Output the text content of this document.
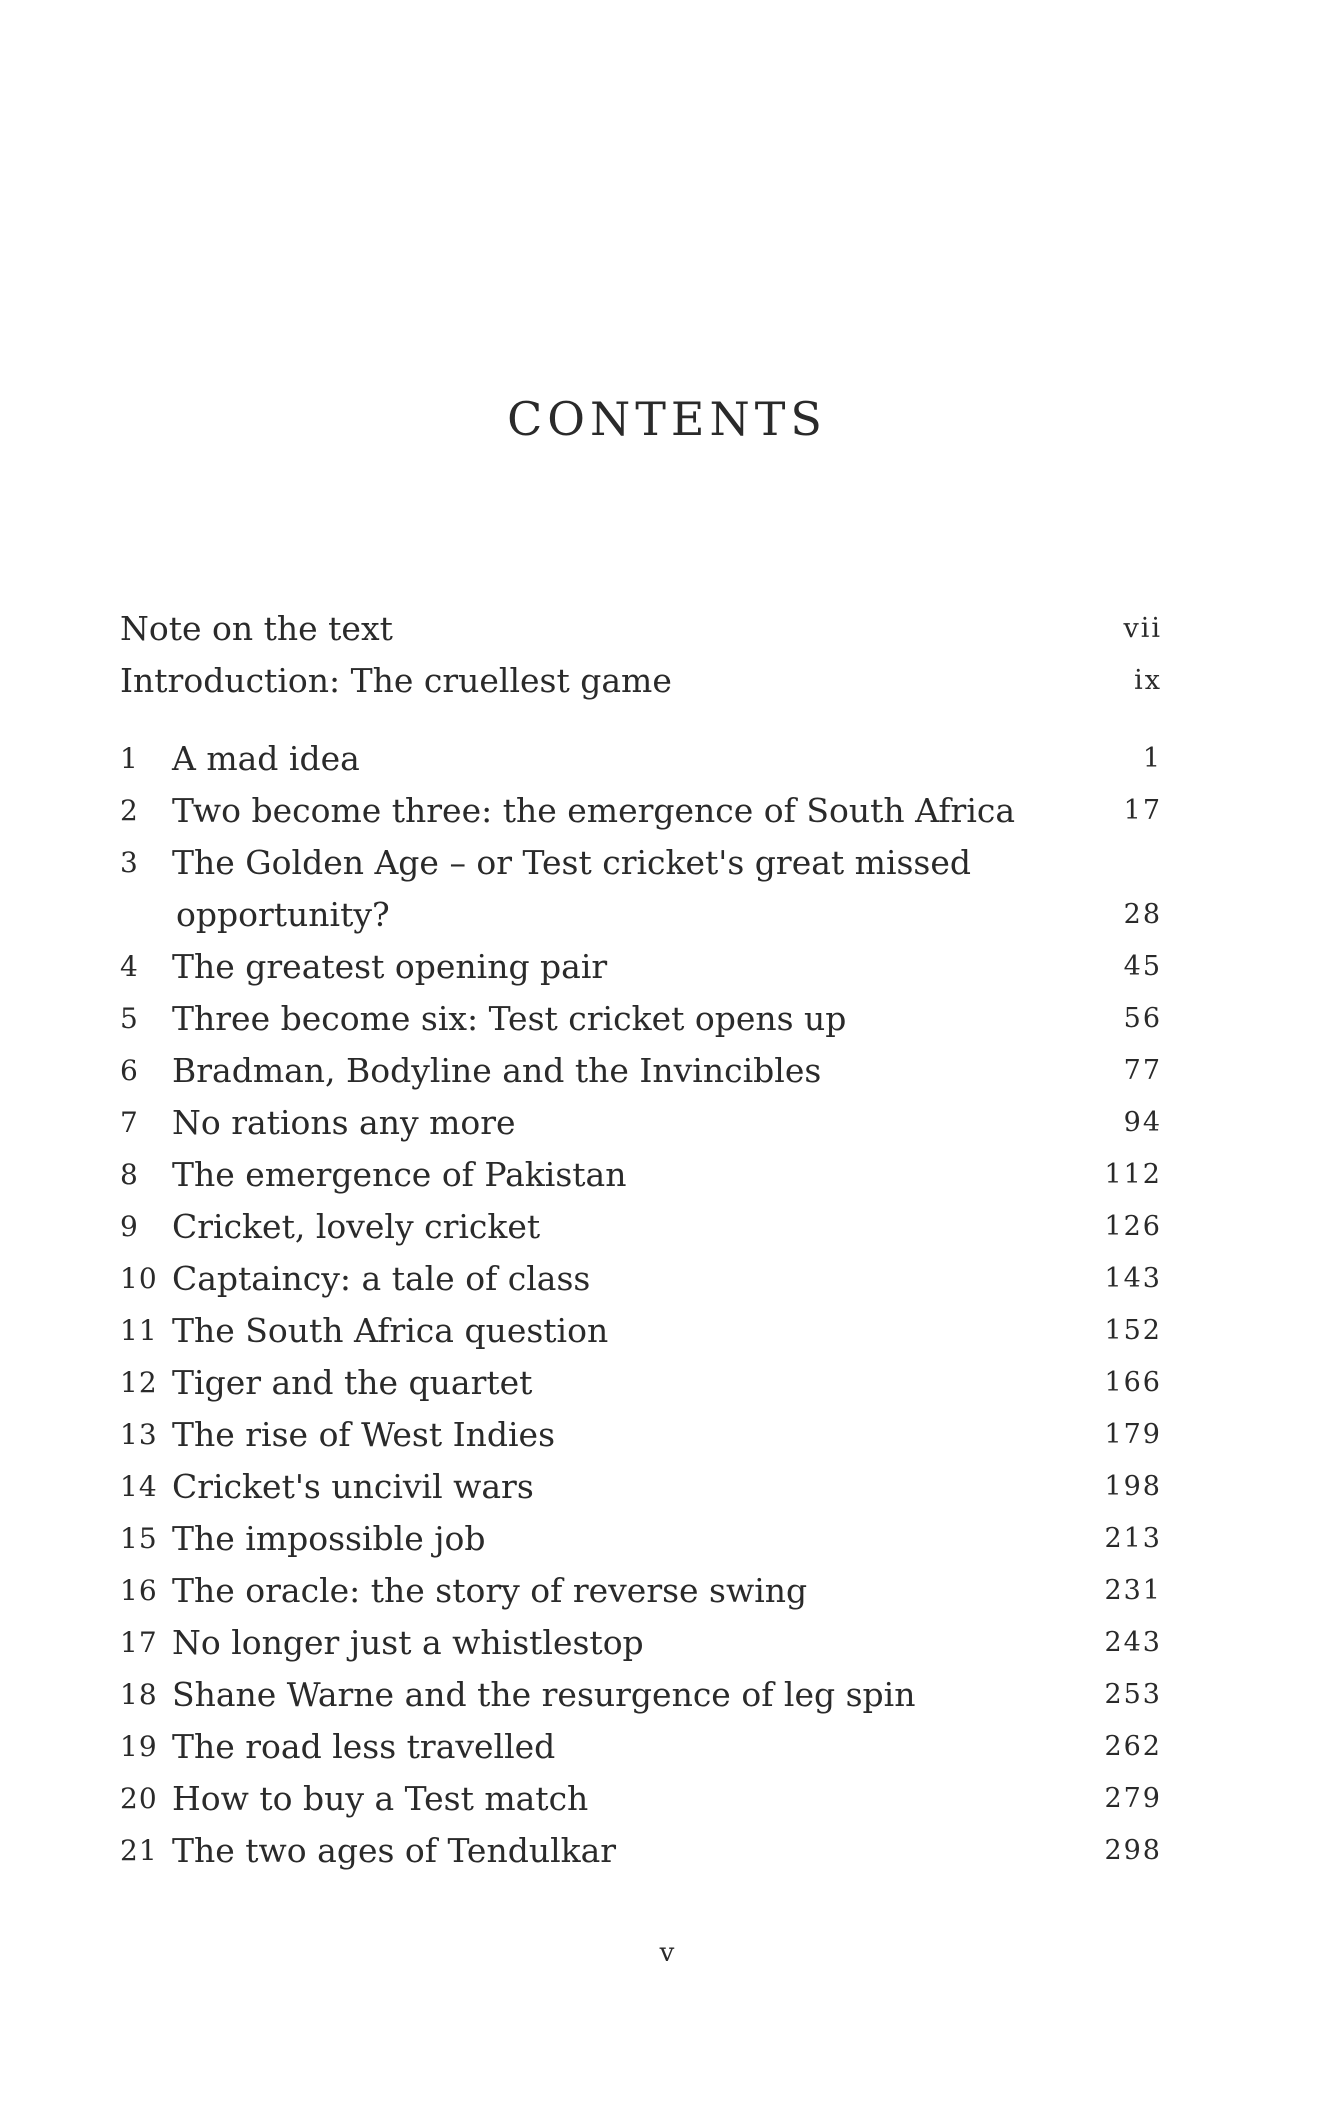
CONTENTS
Note on the text	vii
Introduction: The cruellest game	ix
1	A mad idea	1
2	Two become three: the emergence of South Africa	17
3	The Golden Age – or Test cricket's great missed
opportunity?	28
4	The greatest opening pair	45
5	Three become six: Test cricket opens up	56
6	Bradman, Bodyline and the Invincibles	77
7	No rations any more	94
8	The emergence of Pakistan	112
9	Cricket, lovely cricket	126
10 Captaincy: a tale of class	143
11 The South Africa question	152
12 Tiger and the quartet	166
13 The rise of West Indies	179
14 Cricket's uncivil wars	198
15 The impossible job	213
16 The oracle: the story of reverse swing	231
17 No longer just a whistlestop	243
18 Shane Warne and the resurgence of leg spin	253
19 The road less travelled	262
20 How to buy a Test match	279
21 The two ages of Tendulkar	298
v
